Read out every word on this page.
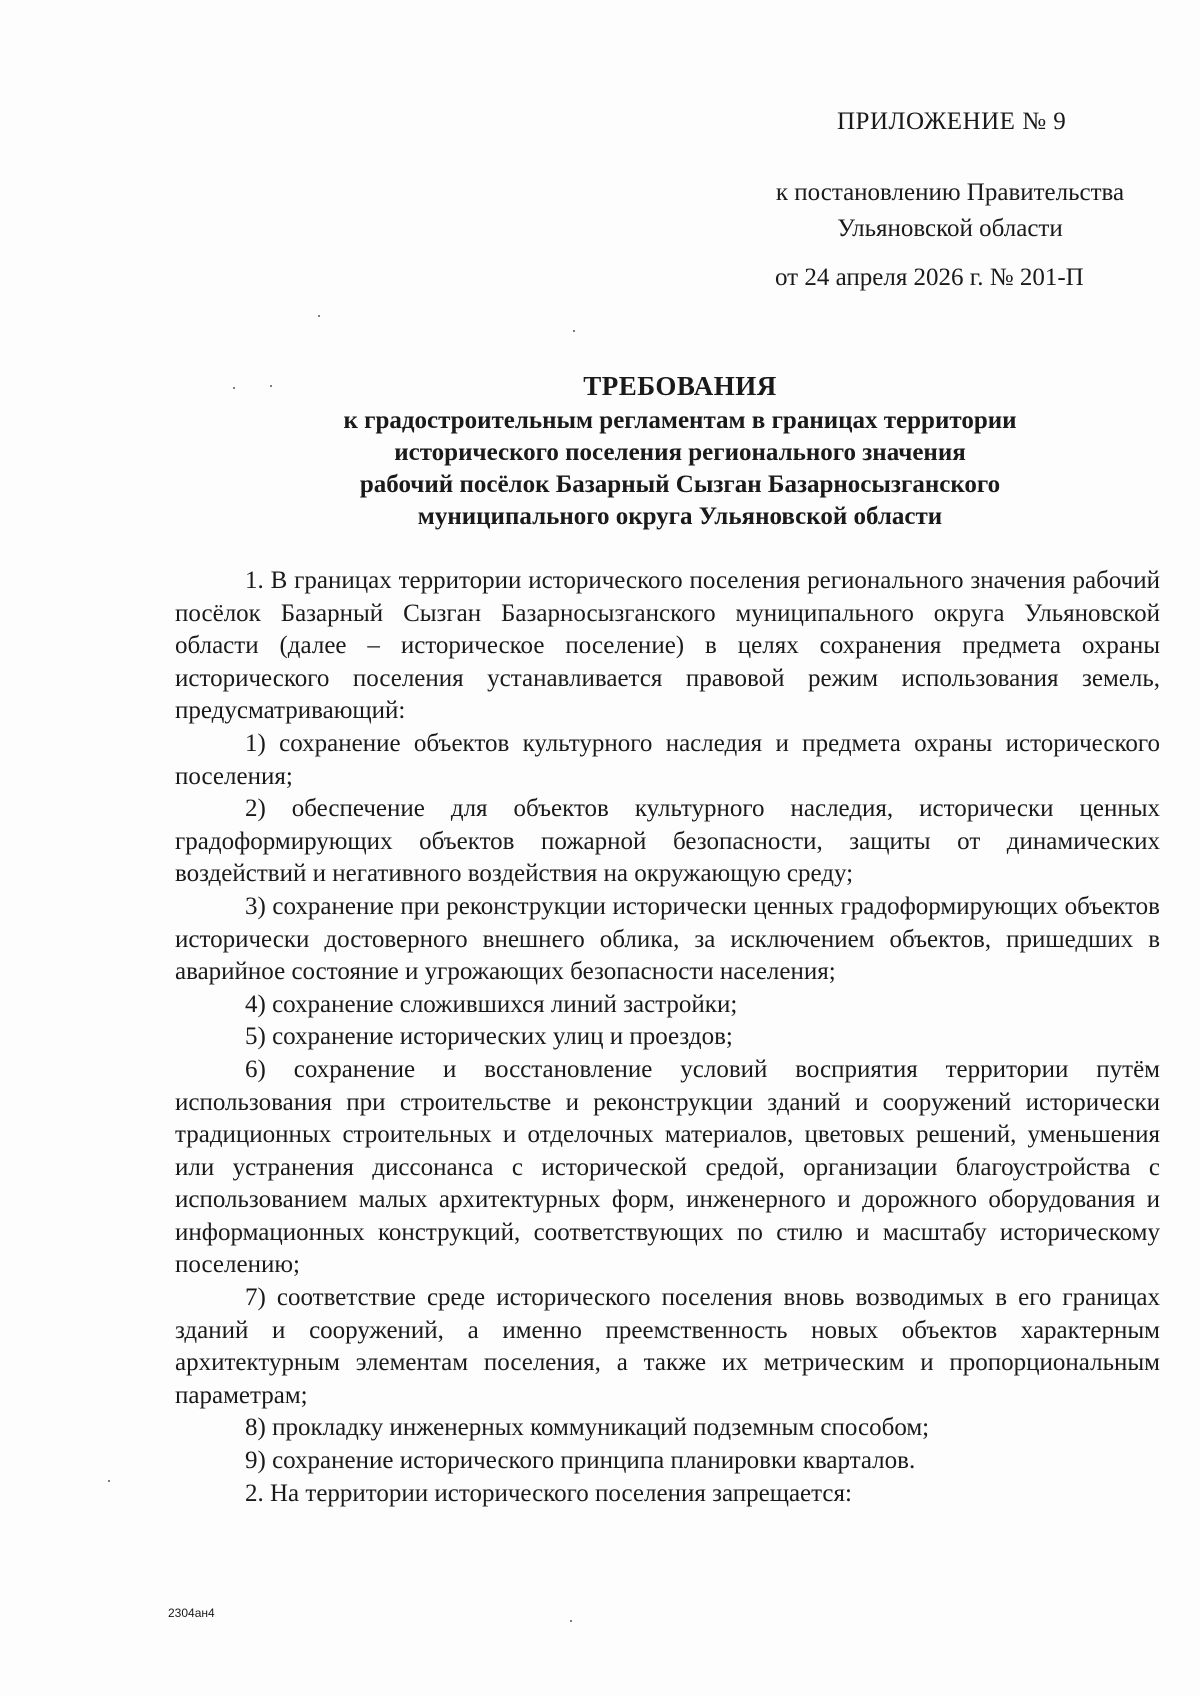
ПРИЛОЖЕНИЕ № 9
к постановлению Правительства
Ульяновской области
от 24 апреля 2026 г. № 201-П
ТРЕБОВАНИЯ
к градостроительным регламентам в границах территории
исторического поселения регионального значения
рабочий посёлок Базарный Сызган Базарносызганского
муниципального округа Ульяновской области

1. В границах территории исторического поселения регионального значения рабочий посёлок Базарный Сызган Базарносызганского муниципального округа Ульяновской области (далее – историческое поселение) в целях сохранения предмета охраны исторического поселения устанавливается правовой режим использования земель, предусматривающий:

1) сохранение объектов культурного наследия и предмета охраны исторического поселения;

2) обеспечение для объектов культурного наследия, исторически ценных градоформирующих объектов пожарной безопасности, защиты от динамических воздействий и негативного воздействия на окружающую среду;

3) сохранение при реконструкции исторически ценных градоформирующих объектов исторически достоверного внешнего облика, за исключением объектов, пришедших в аварийное состояние и угрожающих безопасности населения;

4) сохранение сложившихся линий застройки;

5) сохранение исторических улиц и проездов;

6) сохранение и восстановление условий восприятия территории путём использования при строительстве и реконструкции зданий и сооружений исторически традиционных строительных и отделочных материалов, цветовых решений, уменьшения или устранения диссонанса с исторической средой, организации благоустройства с использованием малых архитектурных форм, инженерного и дорожного оборудования и информационных конструкций, соответствующих по стилю и масштабу историческому поселению;

7) соответствие среде исторического поселения вновь возводимых в его границах зданий и сооружений, а именно преемственность новых объектов характерным архитектурным элементам поселения, а также их метрическим и пропорциональным параметрам;

8) прокладку инженерных коммуникаций подземным способом;

9) сохранение исторического принципа планировки кварталов.

2. На территории исторического поселения запрещается:

2304ан4
